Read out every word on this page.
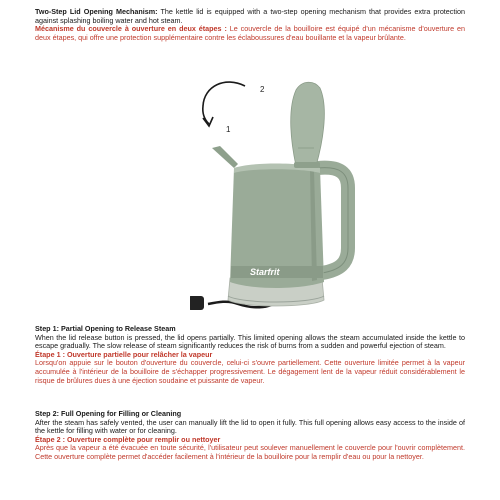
Two-Step Lid Opening Mechanism: The kettle lid is equipped with a two-step opening mechanism that provides extra protection against splashing boiling water and hot steam.
Mécanisme du couvercle à ouverture en deux étapes : Le couvercle de la bouilloire est équipé d'un mécanisme d'ouverture en deux étapes, qui offre une protection supplémentaire contre les éclaboussures d'eau bouillante et la vapeur brûlante.
1
2
Starfrit
Step 1: Partial Opening to Release Steam
When the lid release button is pressed, the lid opens partially. This limited opening allows the steam accumulated inside the kettle to escape gradually. The slow release of steam significantly reduces the risk of burns from a sudden and powerful ejection of steam.
Étape 1 : Ouverture partielle pour relâcher la vapeur
Lorsqu'on appuie sur le bouton d'ouverture du couvercle, celui-ci s'ouvre partiellement. Cette ouverture limitée permet à la vapeur accumulée à l'intérieur de la bouilloire de s'échapper progressivement. Le dégagement lent de la vapeur réduit considérablement le risque de brûlures dues à une éjection soudaine et puissante de vapeur.
Step 2: Full Opening for Filling or Cleaning
After the steam has safely vented, the user can manually lift the lid to open it fully. This full opening allows easy access to the inside of the kettle for filling with water or for cleaning.
Étape 2 : Ouverture complète pour remplir ou nettoyer
Après que la vapeur a été évacuée en toute sécurité, l'utilisateur peut soulever manuellement le couvercle pour l'ouvrir complètement. Cette ouverture complète permet d'accéder facilement à l'intérieur de la bouilloire pour la remplir d'eau ou pour la nettoyer.
